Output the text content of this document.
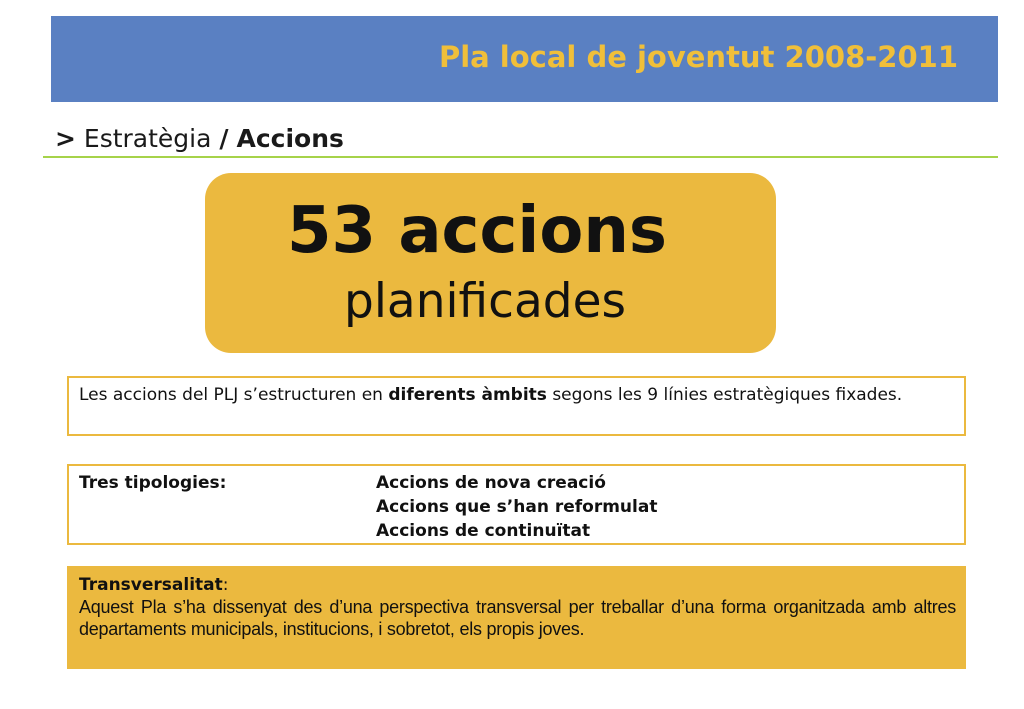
Pla local de joventut 2008-2011
> Estratègia / Accions
53 accions
planificades
Les accions del PLJ s’estructuren en diferents àmbits segons les 9 línies estratègiques fixades.
Tres tipologies:	Accions de nova creació
Accions que s’han reformulat
Accions de continuïtat
Transversalitat:
Aquest Pla s’ha dissenyat des d’una perspectiva transversal per treballar d’una forma organitzada amb altres departaments municipals, institucions, i sobretot, els propis joves.
